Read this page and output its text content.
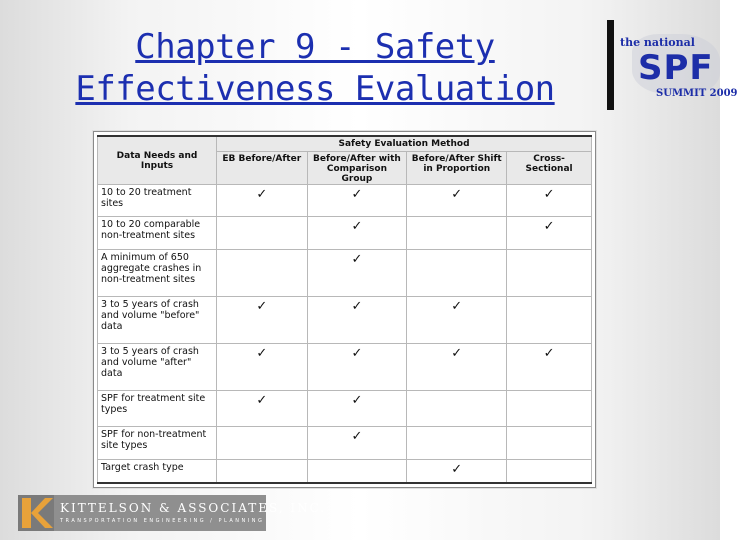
Chapter 9 - Safety
Effectiveness Evaluation
the national
SPF
SUMMIT 2009
Data Needs and Inputs	Safety Evaluation Method			
	EB Before/After	Before/After with Comparison Group	Before/After Shift in Proportion	Cross-Sectional
10 to 20 treatment sites	✓	✓	✓	✓
10 to 20 comparable non-treatment sites		✓		✓
A minimum of 650 aggregate crashes in non-treatment sites		✓		
3 to 5 years of crash and volume "before" data	✓	✓	✓	
3 to 5 years of crash and volume "after" data	✓	✓	✓	✓
SPF for treatment site types	✓	✓		
SPF for non-treatment site types		✓		
Target crash type			✓	
KITTELSON & ASSOCIATES, INC.
TRANSPORTATION ENGINEERING / PLANNING
